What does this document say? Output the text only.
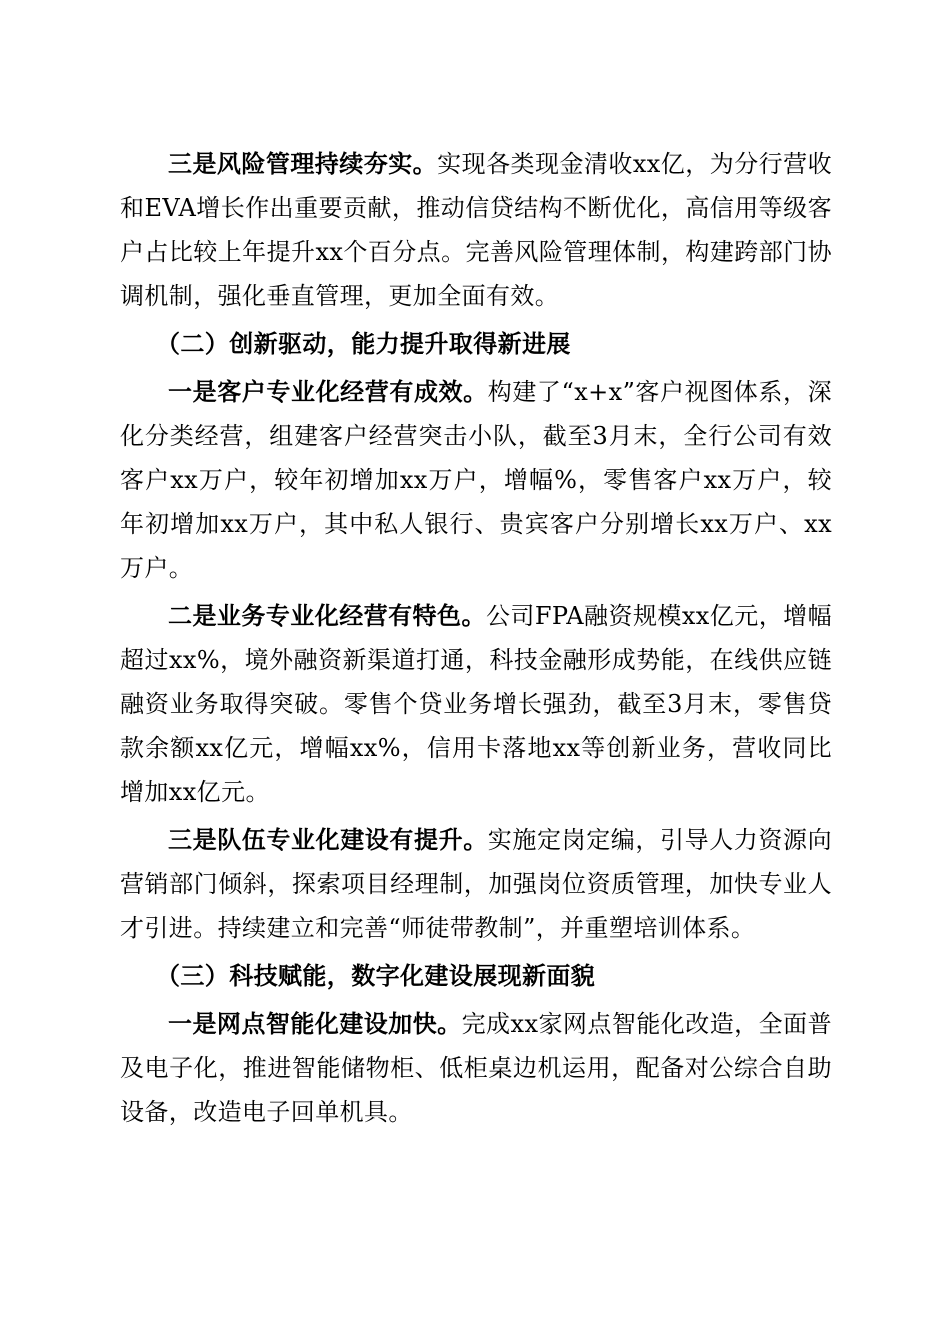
三是风险管理持续夯实。实现各类现金清收xx亿，为分行营收和EVA增长作出重要贡献，推动信贷结构不断优化，高信用等级客户占比较上年提升xx个百分点。完善风险管理体制，构建跨部门协调机制，强化垂直管理，更加全面有效。

（二）创新驱动，能力提升取得新进展

一是客户专业化经营有成效。构建了“x+x”客户视图体系，深化分类经营，组建客户经营突击小队，截至3月末，全行公司有效客户xx万户，较年初增加xx万户，增幅%，零售客户xx万户，较年初增加xx万户，其中私人银行、贵宾客户分别增长xx万户、xx万户。

二是业务专业化经营有特色。公司FPA融资规模xx亿元，增幅超过xx%，境外融资新渠道打通，科技金融形成势能，在线供应链融资业务取得突破。零售个贷业务增长强劲，截至3月末，零售贷款余额xx亿元，增幅xx%，信用卡落地xx等创新业务，营收同比增加xx亿元。

三是队伍专业化建设有提升。实施定岗定编，引导人力资源向营销部门倾斜，探索项目经理制，加强岗位资质管理，加快专业人才引进。持续建立和完善“师徒带教制”，并重塑培训体系。

（三）科技赋能，数字化建设展现新面貌

一是网点智能化建设加快。完成xx家网点智能化改造，全面普及电子化，推进智能储物柜、低柜桌边机运用，配备对公综合自助设备，改造电子回单机具。
